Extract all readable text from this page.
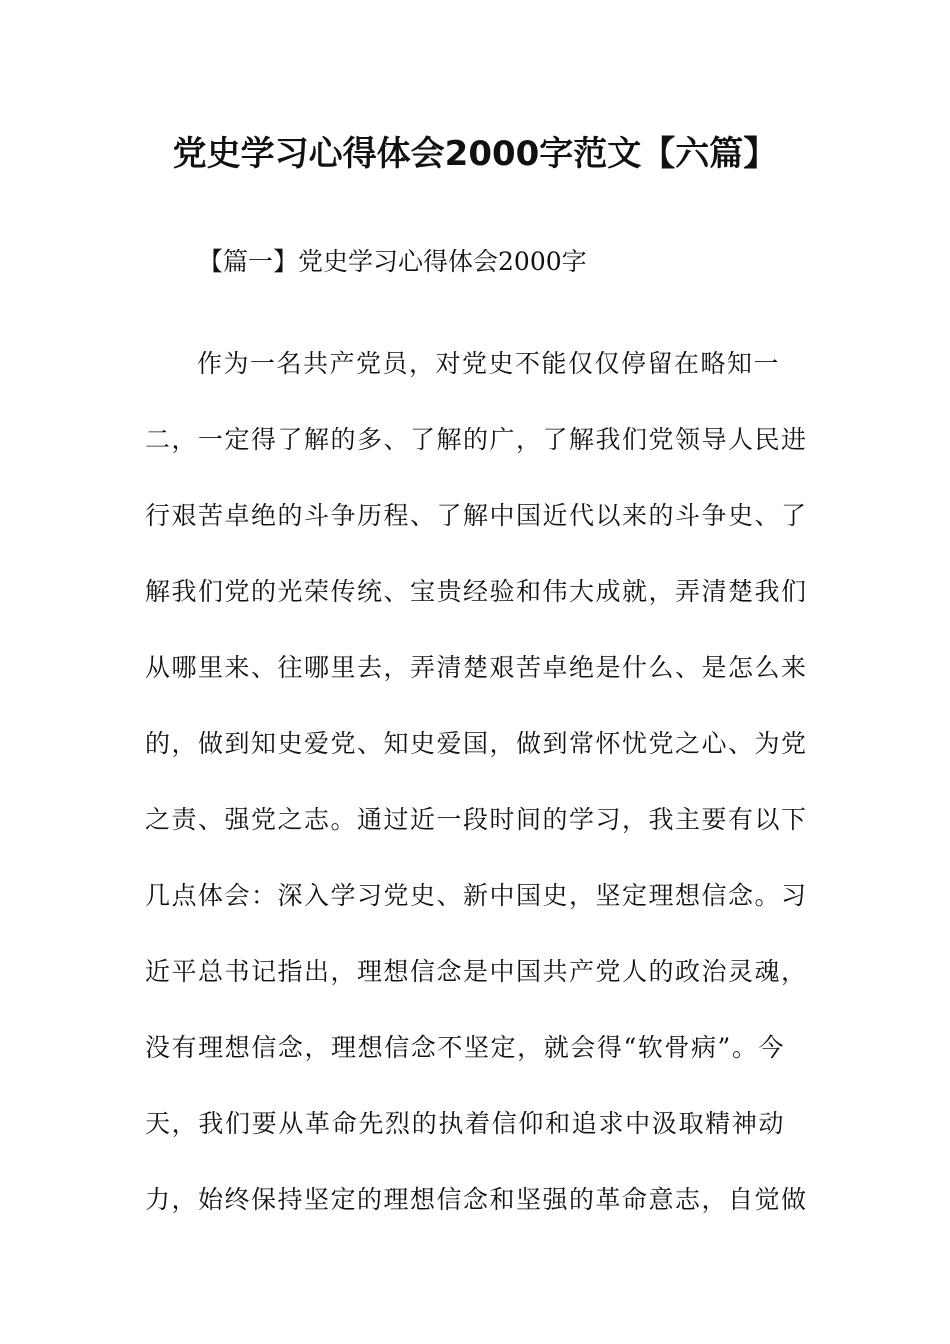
党史学习心得体会2000字范文【六篇】

【篇一】党史学习心得体会2000字

作为一名共产党员，对党史不能仅仅停留在略知一
二，一定得了解的多、了解的广，了解我们党领导人民进
行艰苦卓绝的斗争历程、了解中国近代以来的斗争史、了
解我们党的光荣传统、宝贵经验和伟大成就，弄清楚我们
从哪里来、往哪里去，弄清楚艰苦卓绝是什么、是怎么来
的，做到知史爱党、知史爱国，做到常怀忧党之心、为党
之责、强党之志。通过近一段时间的学习，我主要有以下
几点体会：深入学习党史、新中国史，坚定理想信念。习
近平总书记指出，理想信念是中国共产党人的政治灵魂，
没有理想信念，理想信念不坚定，就会得“软骨病”。今
天，我们要从革命先烈的执着信仰和追求中汲取精神动
力，始终保持坚定的理想信念和坚强的革命意志，自觉做
